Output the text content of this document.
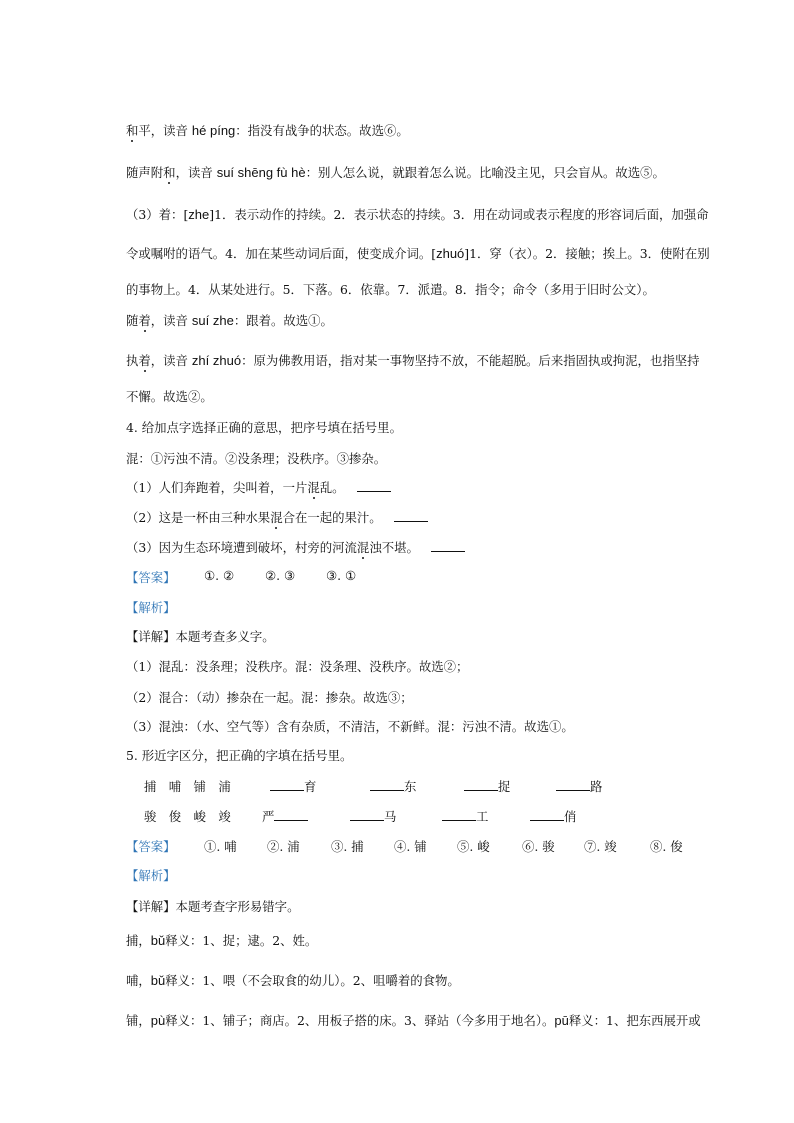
和平，读音 hé píng：指没有战争的状态。故选⑥。
随声附和，读音 suí shēng fù hè：别人怎么说，就跟着怎么说。比喻没主见，只会盲从。故选⑤。
（3）着：[zhe]1．表示动作的持续。2．表示状态的持续。3．用在动词或表示程度的形容词后面，加强命
令或嘱咐的语气。4．加在某些动词后面，使变成介词。[zhuó]1．穿（衣）。2．接触；挨上。3．使附在别
的事物上。4．从某处进行。5．下落。6．依靠。7．派遣。8．指令；命令（多用于旧时公文）。
随着，读音 suí zhe：跟着。故选①。
执着，读音 zhí zhuó：原为佛教用语，指对某一事物坚持不放，不能超脱。后来指固执或拘泥，也指坚持
不懈。故选②。
4. 给加点字选择正确的意思，把序号填在括号里。
混：①污浊不清。②没条理；没秩序。③掺杂。
（1）人们奔跑着，尖叫着，一片混乱。
（2）这是一杯由三种水果混合在一起的果汁。
（3）因为生态环境遭到破坏，村旁的河流混浊不堪。
【答案】 ①. ② ②. ③ ③. ①
【解析】
【详解】本题考查多义字。
（1）混乱：没条理；没秩序。混：没条理、没秩序。故选②；
（2）混合：（动）掺杂在一起。混：掺杂。故选③；
（3）混浊：（水、空气等）含有杂质，不清洁，不新鲜。混：污浊不清。故选①。
5. 形近字区分，把正确的字填在括号里。
捕　哺　铺　浦	育	东	捉	路
骏　俊　峻　竣	严	马	工	俏
【答案】 ①. 哺 ②. 浦	③. 捕 ④. 铺 ⑤. 峻	⑥. 骏 ⑦. 竣	⑧. 俊
【解析】
【详解】本题考查字形易错字。
捕，bǔ释义：1、捉；逮。2、姓。
哺，bǔ释义：1、喂（不会取食的幼儿）。2、咀嚼着的食物。
铺，pù释义：1、铺子；商店。2、用板子搭的床。3、驿站（今多用于地名）。pū释义：1、把东西展开或
